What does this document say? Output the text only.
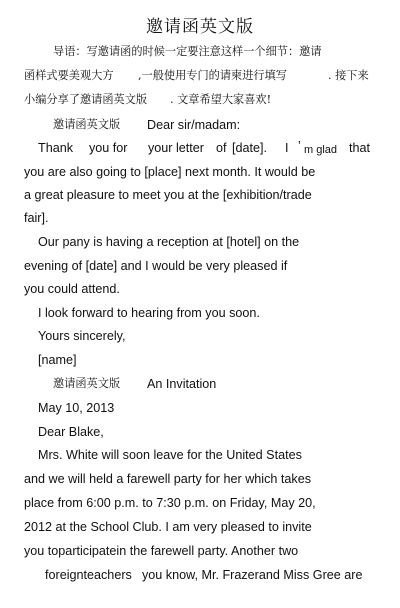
邀请函英文版
导语：写邀请函的时候一定要注意这样一个细节：邀请
函样式要美观大方 ,一般使用专门的请柬进行填写	. 接下来
小编分享了邀请函英文版 . 文章希望大家喜欢!
邀请函英文版 Dear sir/madam:
Thank you for your letter of [date]. I ’ m glad that
you are also going to [place] next month. It would be
a great pleasure to meet you at the [exhibition/trade
fair].
Our pany is having a reception at [hotel] on the
evening of [date] and I would be very pleased if
you could attend.
I look forward to hearing from you soon.
Yours sincerely,
[name]
邀请函英文版 An Invitation
May 10, 2013
Dear Blake,
Mrs. White will soon leave for the United States
and we will held a farewell party for her which takes
place from 6:00 p.m. to 7:30 p.m. on Friday, May 20,
2012 at the School Club. I am very pleased to invite
you toparticipatein the farewell party. Another two
foreignteachers you know, Mr. Frazerand Miss Gree are
